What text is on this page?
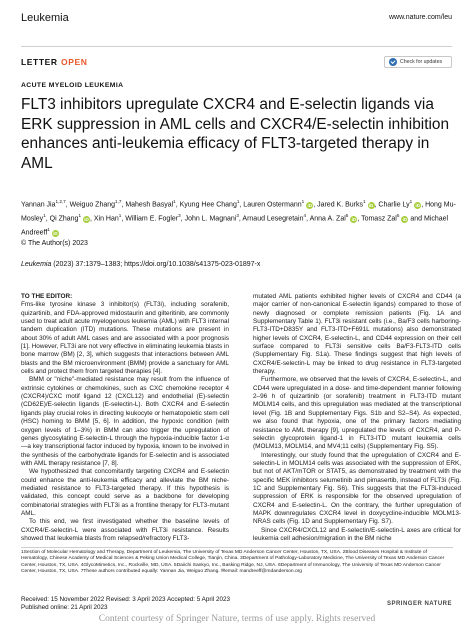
Leukemia	www.nature.com/leu
LETTER OPEN	Check for updates
ACUTE MYELOID LEUKEMIA
FLT3 inhibitors upregulate CXCR4 and E-selectin ligands via ERK suppression in AML cells and CXCR4/E-selectin inhibition enhances anti-leukemia efficacy of FLT3-targeted therapy in AML
Yannan Jia$^{1,2,7}$, Weiguo Zhang$^{1,7}$, Mahesh Basyal$^1$, Kyung Hee Chang$^1$, Lauren Ostermann$^1$ iD, Jared K. Burks$^1$ iD, Charlie Ly$^1$ iD, Hong Mu-Mosley$^1$, Qi Zhang$^1$ iD, Xin Han$^1$, William E. Fogler$^3$, John L. Magnani$^3$, Arnaud Lesegretain$^4$, Anna A. Zal$^5$ iD, Tomasz Zal$^5$ iD and Michael Andreeff$^1$ iD
© The Author(s) 2023
Leukemia (2023) 37:1379–1383; https://doi.org/10.1038/s41375-023-01897-x

TO THE EDITOR:
Fms-like tyrosine kinase 3 inhibitor(s) (FLT3i), including sorafenib, quizartinib, and FDA-approved midostaurin and gilteritinib, are commonly used to treat adult acute myelogenous leukemia (AML) with FLT3 internal tandem duplication (ITD) mutations. These mutations are present in about 30% of adult AML cases and are associated with a poor prognosis [1]. However, FLT3i are not very effective in eliminating leukemia blasts in bone marrow (BM) [2, 3], which suggests that interactions between AML blasts and the BM microenvironment (BMM) provide a sanctuary for AML cells and protect them from targeted therapies [4].

BMM or "niche"-mediated resistance may result from the influence of extrinsic cytokines or chemokines, such as CXC chemokine receptor 4 (CXCR4)/CXC motif ligand 12 (CXCL12) and endothelial (E)-selectin (CD62E)/E-selectin ligands (E-selectin-L). Both CXCR4 and E-selectin ligands play crucial roles in directing leukocyte or hematopoietic stem cell (HSC) homing to BMM [5, 6]. In addition, the hypoxic condition (with oxygen levels of 1–3%) in BMM can also trigger the upregulation of genes glycosylating E-selectin-L through the hypoxia-inducible factor 1-α—a key transcriptional factor induced by hypoxia, known to be involved in the synthesis of the carbohydrate ligands for E-selectin and is associated with AML therapy resistance [7, 8].

We hypothesized that concomitantly targeting CXCR4 and E-selectin could enhance the anti-leukemia efficacy and alleviate the BM niche-mediated resistance to FLT3-targeted therapy. If this hypothesis is validated, this concept could serve as a backbone for developing combinatorial strategies with FLT3i as a frontline therapy for FLT3-mutant AML.

To this end, we first investigated whether the baseline levels of CXCR4/E-selectin-L were associated with FLT3i resistance. Results showed that leukemia blasts from relapsed/refractory FLT3-

mutated AML patients exhibited higher levels of CXCR4 and CD44 (a major carrier of non-canonical E-selectin ligands) compared to those of newly diagnosed or complete remission patients (Fig. 1A and Supplementary Table 1). FLT3i resistant cells (i.e., Ba/F3 cells harboring-FLT3-ITD+D835Y and FLT3-ITD+F691L mutations) also demonstrated higher levels of CXCR4, E-selectin-L, and CD44 expression on their cell surface compared to FLT3i sensitive cells Ba/F3-FLT3-ITD cells (Supplementary Fig. S1a). These findings suggest that high levels of CXCR4/E-selectin-L may be linked to drug resistance in FLT3-targeted therapy.

Furthermore, we observed that the levels of CXCR4, E-selectin-L, and CD44 were upregulated in a dose- and time-dependent manner following 2–96 h of quizartinib (or sorafenib) treatment in FLT3-ITD mutant MOLM14 cells, and this upregulation was mediated at the transcriptional level (Fig. 1B and Supplementary Figs. S1b and S2–S4). As expected, we also found that hypoxia, one of the primary factors mediating resistance to AML therapy [9], upregulated the levels of CXCR4, and P-selectin glycoprotein ligand-1 in FLT3-ITD mutant leukemia cells (MOLM13, MOLM14, and MV4;11 cells) (Supplementary Fig. S5).

Interestingly, our study found that the upregulation of CXCR4 and E-selectin-L in MOLM14 cells was associated with the suppression of ERK, but not of AKT/mTOR or STAT5, as demonstrated by treatment with the specific MEK inhibitors selumetinib and pimasertib, instead of FLT3i (Fig. 1C and Supplementary Fig. S6). This suggests that the FLT3i-induced suppression of ERK is responsible for the observed upregulation of CXCR4 and E-selectin-L. On the contrary, the further upregulation of MAPK downregulates CXCR4 level in doxycycline-inducible MOLM13-NRAS cells (Fig. 1D and Supplementary Fig. S7).

Since CXCR4/CXCL12 and E-selectin/E-selectin-L axes are critical for leukemia cell adhesion/migration in the BM niche

1Section of Molecular Hematology and Therapy, Department of Leukemia, The University of Texas MD Anderson Cancer Center, Houston, TX, USA. 2Blood Diseases Hospital & Institute of Hematology, Chinese Academy of Medical Sciences & Peking Union Medical College, Tianjin, China. 3Department of Pathology-Laboratory Medicine, The University of Texas MD Anderson Cancer Center, Houston, TX, USA. 4GlycoMimetics, Inc., Rockville, MD, USA. 5Daiichi Sankyo, Inc., Basking Ridge, NJ, USA. 6Department of Immunology, The University of Texas MD Anderson Cancer Center, Houston, TX, USA. 7These authors contributed equally: Yannan Jia, Weiguo Zhang. ✉email: mandreeff@mdanderson.org
Received: 15 November 2022 Revised: 3 April 2023 Accepted: 5 April 2023
Published online: 21 April 2023	SPRINGER NATURE
Content courtesy of Springer Nature, terms of use apply. Rights reserved
